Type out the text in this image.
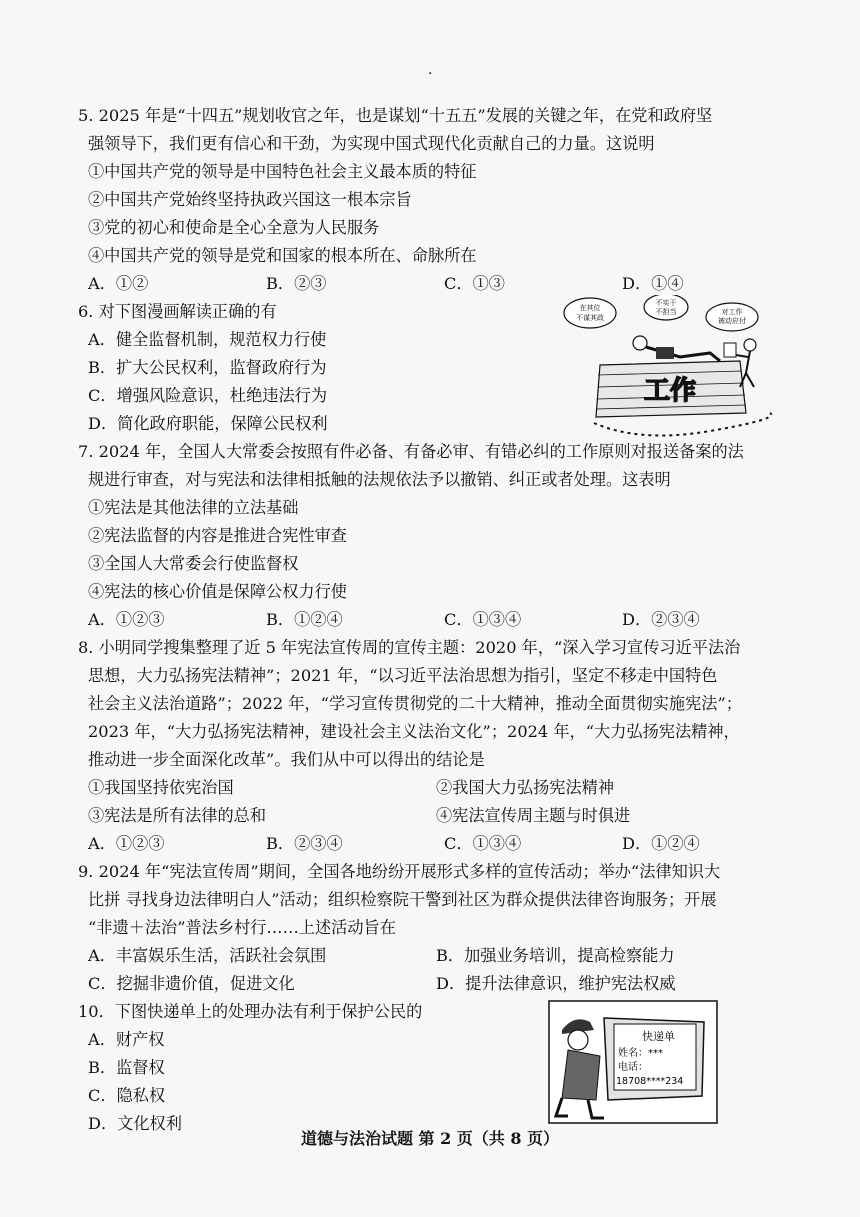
·
5. 2025 年是“十四五”规划收官之年，也是谋划“十五五”发展的关键之年，在党和政府坚
强领导下，我们更有信心和干劲，为实现中国式现代化贡献自己的力量。这说明
①中国共产党的领导是中国特色社会主义最本质的特征
②中国共产党始终坚持执政兴国这一根本宗旨
③党的初心和使命是全心全意为人民服务
④中国共产党的领导是党和国家的根本所在、命脉所在
A．①②	B．②③	C．①③	D．①④
6. 对下图漫画解读正确的有
A．健全监督机制，规范权力行使
B．扩大公民权利，监督政府行为
C．增强风险意识，杜绝违法行为
D．简化政府职能，保障公民权利
在其位
不谋其政
不实干
不担当	对工作
被动应付
工作
7. 2024 年，全国人大常委会按照有件必备、有备必审、有错必纠的工作原则对报送备案的法
规进行审查，对与宪法和法律相抵触的法规依法予以撤销、纠正或者处理。这表明
①宪法是其他法律的立法基础
②宪法监督的内容是推进合宪性审查
③全国人大常委会行使监督权
④宪法的核心价值是保障公权力行使
A．①②③	B．①②④	C．①③④	D．②③④
8. 小明同学搜集整理了近 5 年宪法宣传周的宣传主题：2020 年，“深入学习宣传习近平法治
思想，大力弘扬宪法精神”；2021 年，“以习近平法治思想为指引，坚定不移走中国特色
社会主义法治道路”；2022 年，“学习宣传贯彻党的二十大精神，推动全面贯彻实施宪法”；
2023 年，“大力弘扬宪法精神，建设社会主义法治文化”；2024 年，“大力弘扬宪法精神，
推动进一步全面深化改革”。我们从中可以得出的结论是
①我国坚持依宪治国	②我国大力弘扬宪法精神
③宪法是所有法律的总和	④宪法宣传周主题与时俱进
A．①②③	B．②③④	C．①③④	D．①②④
9. 2024 年“宪法宣传周”期间，全国各地纷纷开展形式多样的宣传活动；举办“法律知识大
比拼 寻找身边法律明白人”活动；组织检察院干警到社区为群众提供法律咨询服务；开展
“非遗＋法治”普法乡村行……上述活动旨在
A．丰富娱乐生活，活跃社会氛围	B．加强业务培训，提高检察能力
C．挖掘非遗价值，促进文化	D．提升法律意识，维护宪法权威
10．下图快递单上的处理办法有利于保护公民的
A．财产权
B．监督权
C．隐私权
D．文化权利
快递单
姓名：***
电话：
18708****234
道德与法治试题 第 2 页（共 8 页）
